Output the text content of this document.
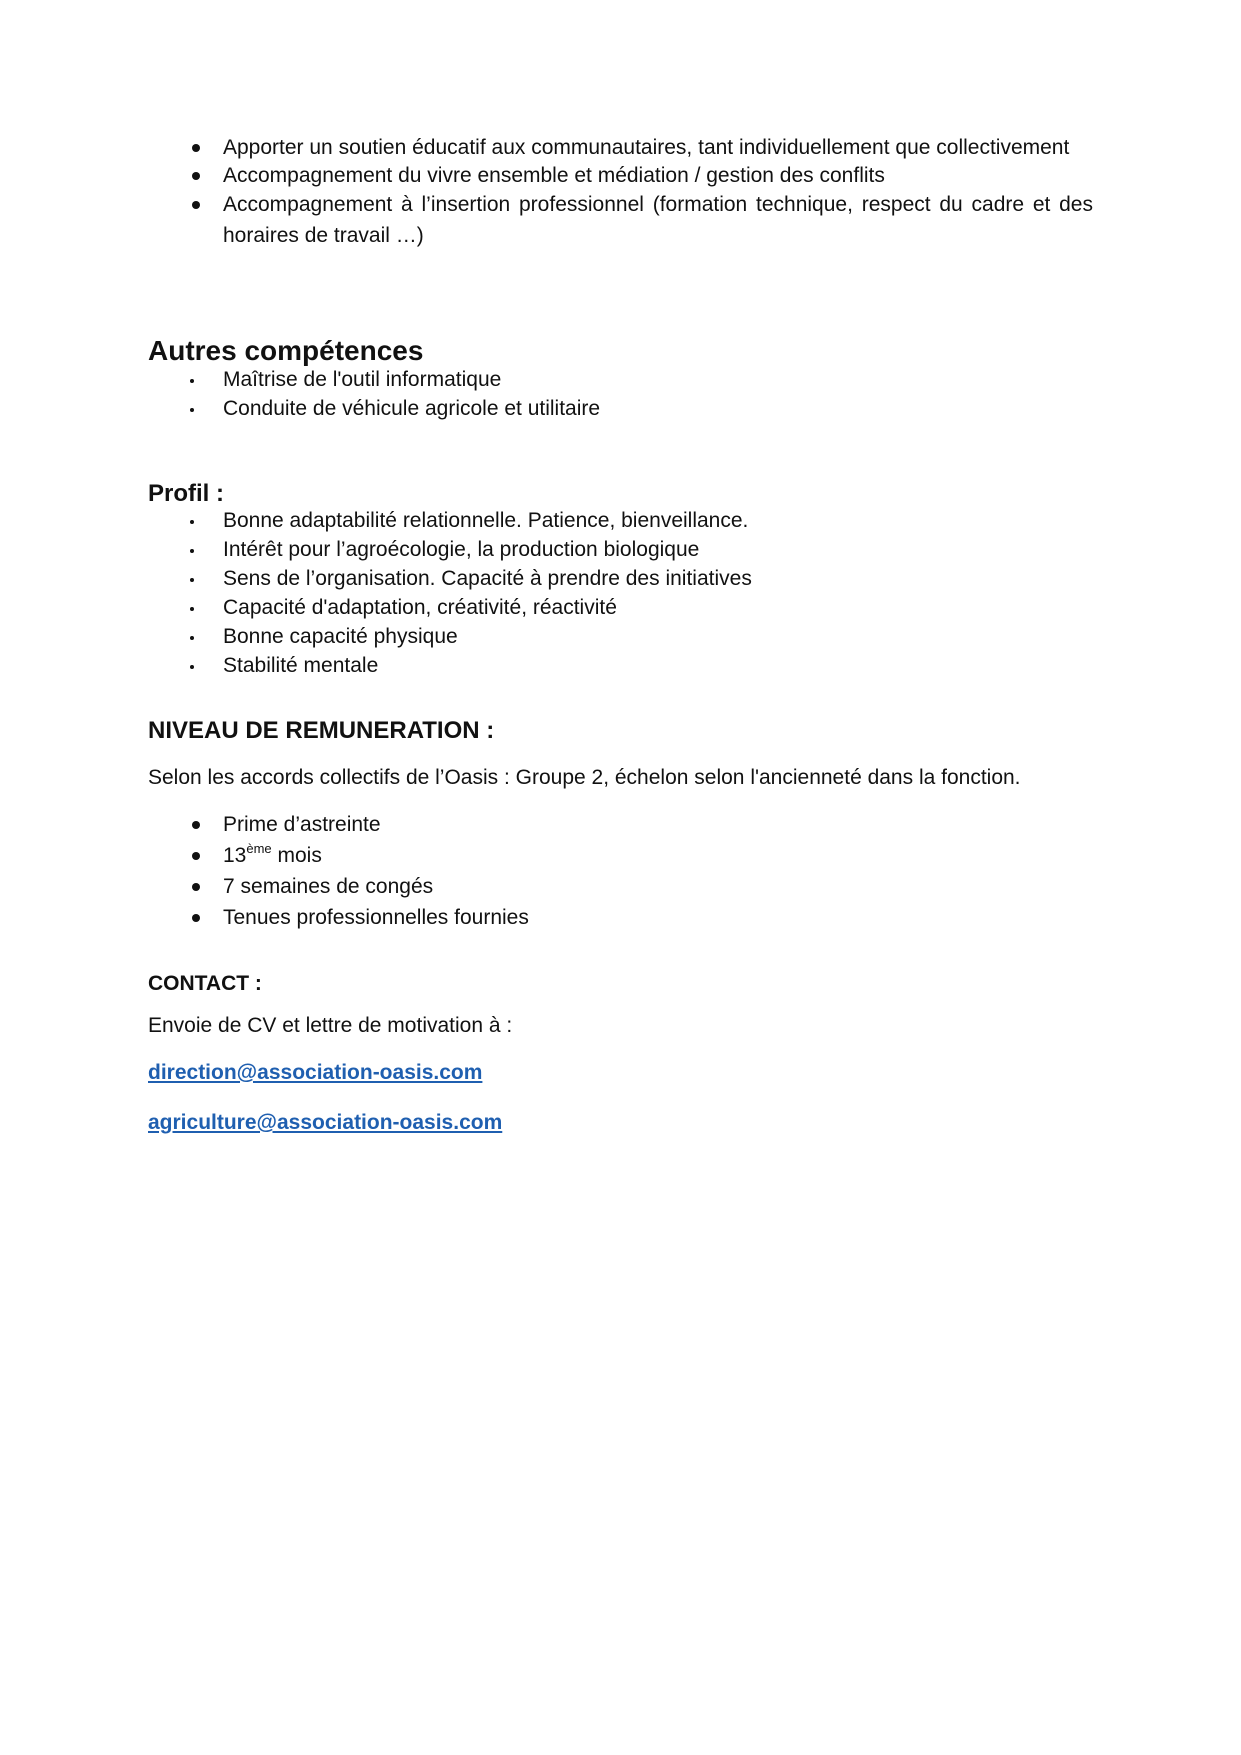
Apporter un soutien éducatif aux communautaires, tant individuellement que collectivement
Accompagnement du vivre ensemble et médiation / gestion des conflits
Accompagnement à l’insertion professionnel (formation technique, respect du cadre et des horaires de travail …)
Autres compétences
Maîtrise de l'outil informatique
Conduite de véhicule agricole et utilitaire
Profil :
Bonne adaptabilité relationnelle. Patience, bienveillance.
Intérêt pour l’agroécologie, la production biologique
Sens de l’organisation. Capacité à prendre des initiatives
Capacité d'adaptation, créativité, réactivité
Bonne capacité physique
Stabilité mentale
NIVEAU DE REMUNERATION :
Selon les accords collectifs de l’Oasis : Groupe 2, échelon selon l'ancienneté dans la fonction.
Prime d’astreinte
13ème mois
7 semaines de congés
Tenues professionnelles fournies
CONTACT :
Envoie de CV et lettre de motivation à :
direction@association-oasis.com
agriculture@association-oasis.com
